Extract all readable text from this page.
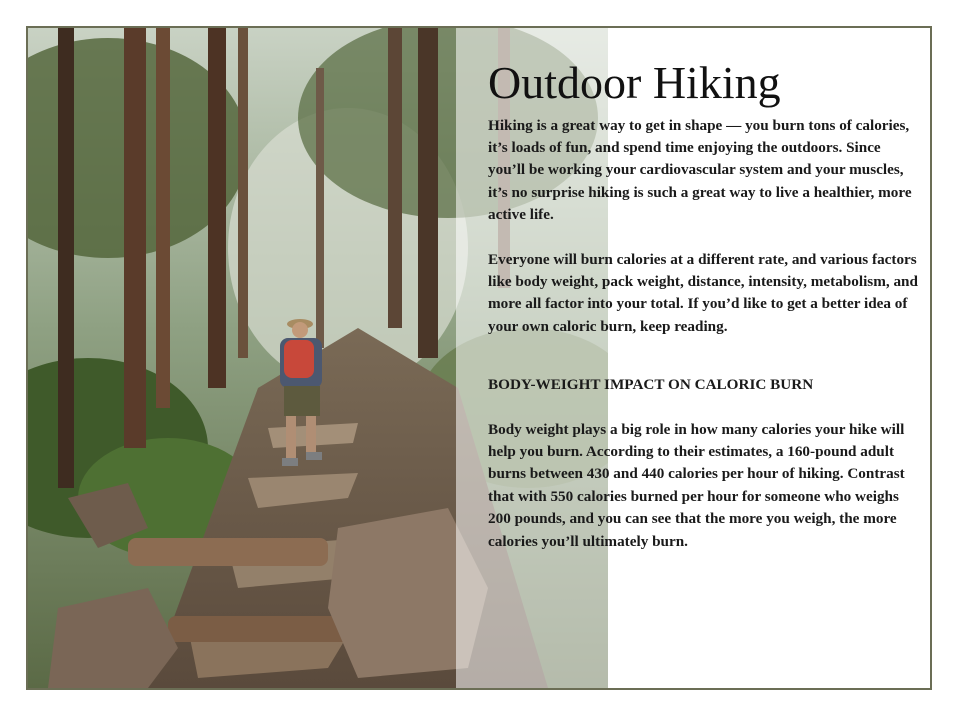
Outdoor Hiking

Hiking is a great way to get in shape — you burn tons of calories, it’s loads of fun, and spend time enjoying the outdoors. Since you’ll be working your cardiovascular system and your muscles, it’s no surprise hiking is such a great way to live a healthier, more active life.

Everyone will burn calories at a different rate, and various factors like body weight, pack weight, distance, intensity, metabolism, and more all factor into your total. If you’d like to get a better idea of your own caloric burn, keep reading.

BODY-WEIGHT IMPACT ON CALORIC BURN

Body weight plays a big role in how many calories your hike will help you burn. According to their estimates, a 160-pound adult burns between 430 and 440 calories per hour of hiking. Contrast that with 550 calories burned per hour for someone who weighs 200 pounds, and you can see that the more you weigh, the more calories you’ll ultimately burn.
